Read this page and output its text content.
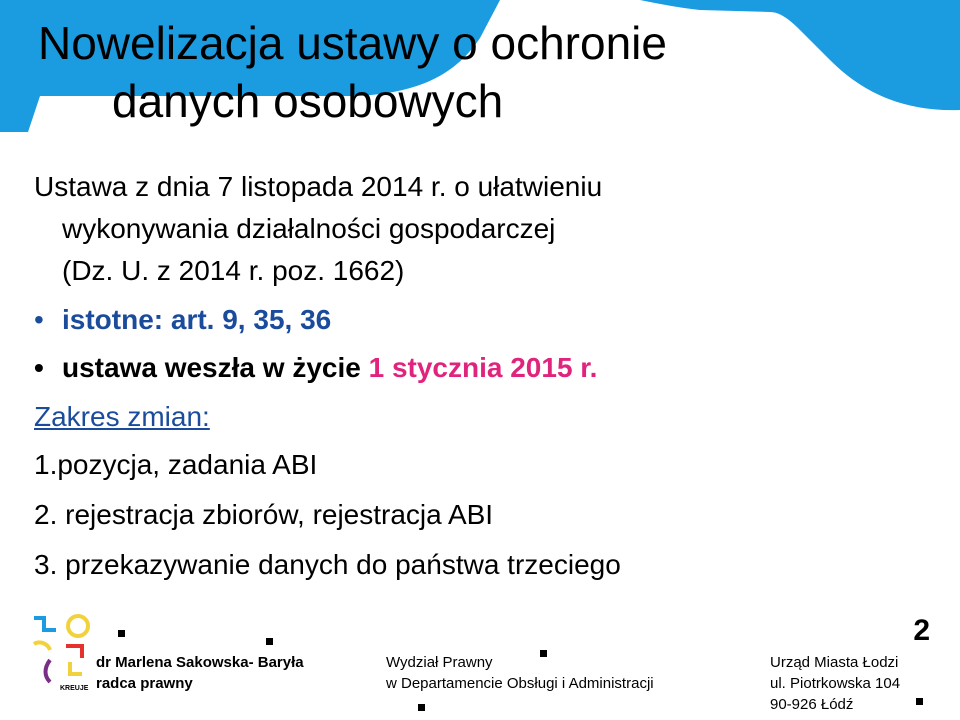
Nowelizacja ustawy o ochronie
danych osobowych

Ustawa z dnia 7 listopada 2014 r. o ułatwieniu

wykonywania działalności gospodarczej

(Dz. U. z 2014 r. poz. 1662)

• istotne: art. 9, 35, 36
• ustawa weszła w życie 1 stycznia 2015 r.
Zakres zmian:

1.pozycja, zadania ABI

2. rejestracja zbiorów, rejestracja ABI

3. przekazywanie danych do państwa trzeciego

2
KREUJE
dr Marlena Sakowska- Baryła
radca prawny
Wydział Prawny
w Departamencie Obsługi i Administracji
Urząd Miasta Łodzi
ul. Piotrkowska 104
90-926 Łódź
